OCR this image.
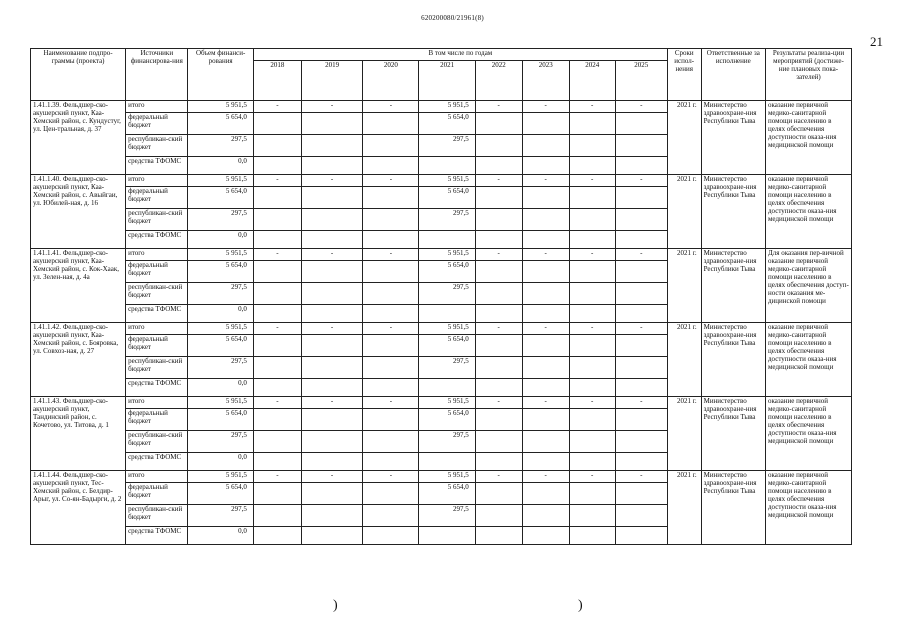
620200080/21961(8)
21
Наименование подпро-граммы (проекта)	Источники финансирова-ния	Объем финанси-рования	В том числе по годам								Сроки испол-нения	Ответственные за исполнение	Результаты реализа-ции мероприятий (достиже-ние плановых пока-зателей)
			2018	2019	2020	2021	2022	2023	2024	2025			
1.41.1.39. Фельдшер-ско-акушерский пункт, Каа-Хемский район, с. Кундустуг, ул. Цен-тральная, д. 37	итого	5 951,5	-	-	-	5 951,5	-	-	-	-	2021 г.	Министерство здравоохране-ния Республики Тыва	оказание первичной медико-санитарной помощи населению в целях обеспечения доступности оказа-ния медицинской помощи
	федеральный бюджет	5 654,0				5 654,0							
	республикан-ский бюджет	297,5				297,5							
	средства ТФОМС	0,0											
1.41.1.40. Фельдшер-ско-акушерский пункт, Каа-Хемский район, с. Авыйгаи, ул. Юбилей-ная, д. 16	итого	5 951,5	-	-	-	5 951,5	-	-	-	-	2021 г.	Министерство здравоохране-ния Республики Тыва	оказание первичной медико-санитарной помощи населению в целях обеспечения доступности оказа-ния медицинской помощи
	федеральный бюджет	5 654,0				5 654,0							
	республикан-ский бюджет	297,5				297,5							
	средства ТФОМС	0,0											
1.41.1.41. Фельдшер-ско-акушерский пункт, Каа-Хемский район, с. Кок-Хаак, ул. Зелен-ная, д. 4а	итого	5 951,5	-	-	-	5 951,5	-	-	-	-	2021 г.	Министерство здравоохране-ния Республики Тыва	Для оказания пер-вичной оказание первичной медико-санитарной помощи населению в целях обеспечения доступ-ности оказания ме-дицинской помощи
	федеральный бюджет	5 654,0				5 654,0							
	республикан-ский бюджет	297,5				297,5							
	средства ТФОМС	0,0											
1.41.1.42. Фельдшер-ско-акушерский пункт, Каа-Хемский район, с. Бояровка, ул. Совхоз-ная, д. 27	итого	5 951,5	-	-	-	5 951,5	-	-	-	-	2021 г.	Министерство здравоохране-ния Республики Тыва	оказание первичной медико-санитарной помощи населению в целях обеспечения доступности оказа-ния медицинской помощи
	федеральный бюджет	5 654,0				5 654,0							
	республикан-ский бюджет	297,5				297,5							
	средства ТФОМС	0,0											
1.41.1.43. Фельдшер-ско-акушерский пункт, Тандинский район, с. Кочетово, ул. Титова, д. 1	итого	5 951,5	-	-	-	5 951,5	-	-	-	-	2021 г.	Министерство здравоохране-ния Республики Тыва	оказание первичной медико-санитарной помощи населению в целях обеспечения доступности оказа-ния медицинской помощи
	федеральный бюджет	5 654,0				5 654,0							
	республикан-ский бюджет	297,5				297,5							
	средства ТФОМС	0,0											
1.41.1.44. Фельдшер-ско-акушерский пункт, Тес-Хемский район, с. Белдир-Арыг, ул. Со-ян-Бадырги, д. 2	итого	5 951,5	-	-	-	5 951,5	-	-	-	-	2021 г.	Министерство здравоохране-ния Республики Тыва	оказание первичной медико-санитарной помощи населению в целях обеспечения доступности оказа-ния медицинской помощи
	федеральный бюджет	5 654,0				5 654,0							
	республикан-ский бюджет	297,5				297,5							
	средства ТФОМС	0,0											
)	)
